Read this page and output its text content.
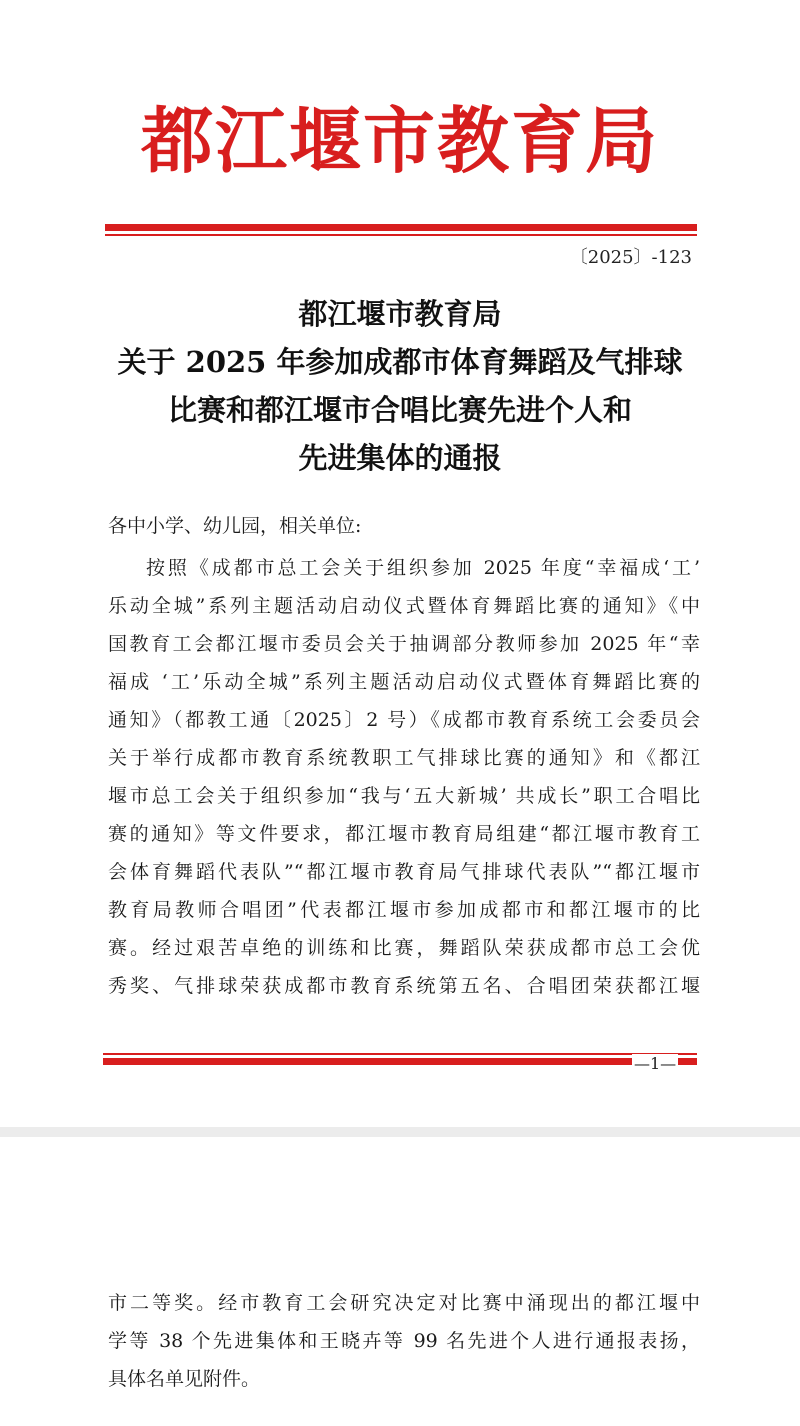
都江堰市教育局
〔2025〕-123
都江堰市教育局
关于 2025 年参加成都市体育舞蹈及气排球
比赛和都江堰市合唱比赛先进个人和
先进集体的通报
各中小学、幼儿园，相关单位:
按照《成都市总工会关于组织参加 2025 年度“幸福成‘工’
乐动全城”系列主题活动启动仪式暨体育舞蹈比赛的通知》《中
国教育工会都江堰市委员会关于抽调部分教师参加 2025 年“幸
福成 ‘工’乐动全城”系列主题活动启动仪式暨体育舞蹈比赛的
通知》（都教工通〔2025〕2 号）《成都市教育系统工会委员会
关于举行成都市教育系统教职工气排球比赛的通知》和《都江
堰市总工会关于组织参加“我与‘五大新城’ 共成长”职工合唱比
赛的通知》等文件要求，都江堰市教育局组建“都江堰市教育工
会体育舞蹈代表队”“都江堰市教育局气排球代表队”“都江堰市
教育局教师合唱团”代表都江堰市参加成都市和都江堰市的比
赛。经过艰苦卓绝的训练和比赛，舞蹈队荣获成都市总工会优
秀奖、气排球荣获成都市教育系统第五名、合唱团荣获都江堰
—1—
市二等奖。经市教育工会研究决定对比赛中涌现出的都江堰中
学等 38 个先进集体和王晓卉等 99 名先进个人进行通报表扬，
具体名单见附件。
